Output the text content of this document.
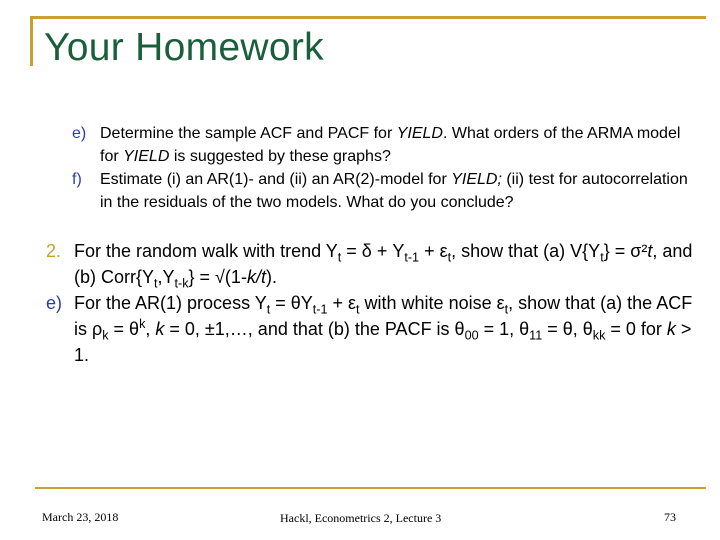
Your Homework
e) Determine the sample ACF and PACF for YIELD. What orders of the ARMA model for YIELD is suggested by these graphs?
f) Estimate (i) an AR(1)- and (ii) an AR(2)-model for YIELD; (ii) test for autocorrelation in the residuals of the two models. What do you conclude?
2. For the random walk with trend $Y_t = \delta + Y_{t-1} + \varepsilon_t$, show that (a) $V\{Y_t\} = \sigma^2t$, and (b) $Corr\{Y_t,Y_{t-k}\} = √(1-k/t)$.
e) For the AR(1) process $Y_t = \theta Y_{t-1} + \varepsilon_t$ with white noise $\varepsilon_t$, show that (a) the ACF is $\rho_k = \theta^k$, k = 0, ±1,…, and that (b) the PACF is $\theta_{00} = 1$, $\theta_{11} = \theta$, $\theta_{kk} = 0$ for k > 1.
March 23, 2018	Hackl, Econometrics 2, Lecture 3	73
